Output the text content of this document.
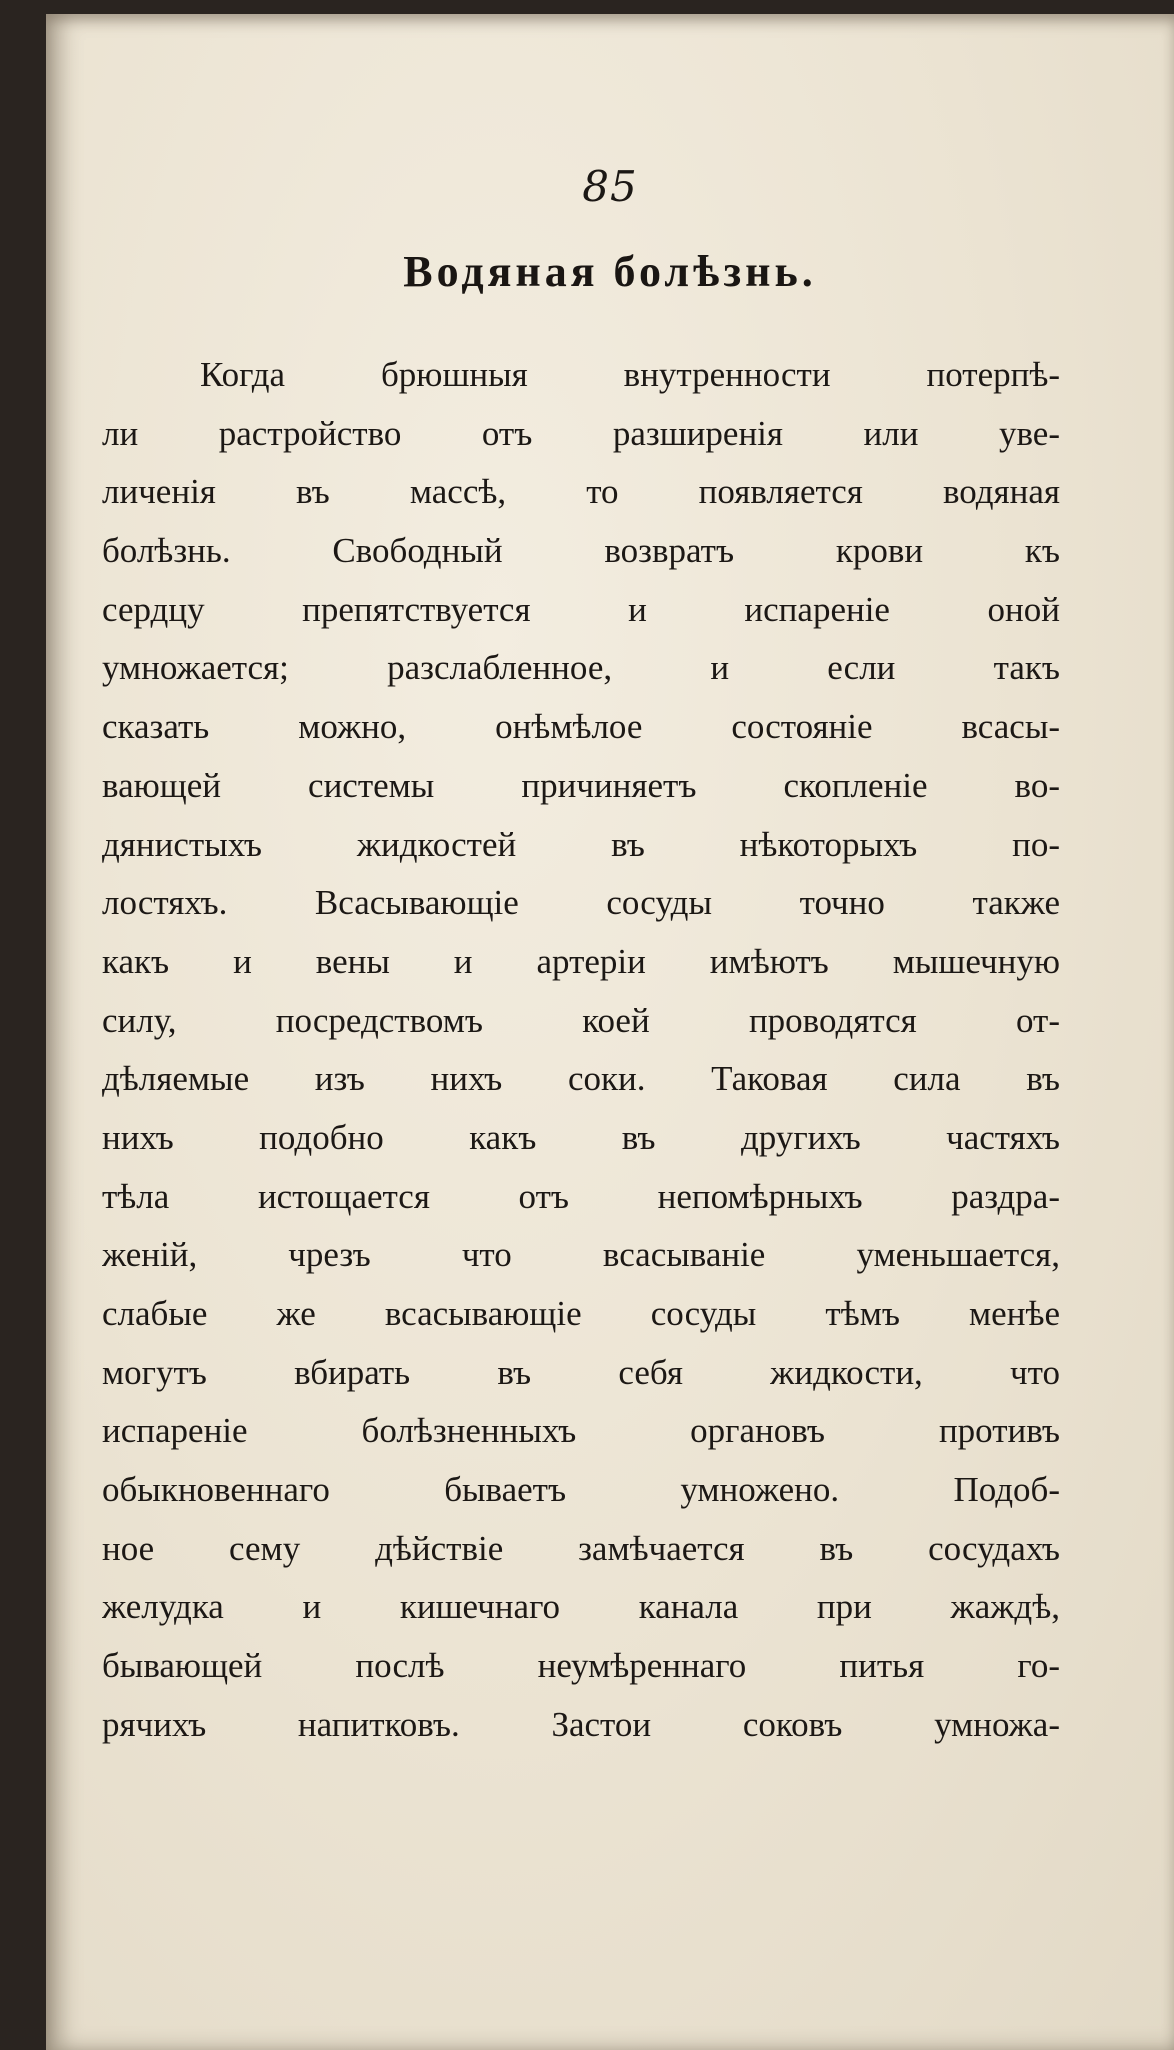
85
Водяная болѣзнь.
Когда брюшныя внутренности потерпѣ-
ли растройство отъ разширенія или уве-
личенія въ массѣ, то появляется водяная
болѣзнь. Свободный возвратъ крови къ
сердцу препятствуется и испареніе оной
умножается; разслабленное, и если такъ
сказать можно, онѣмѣлое состояніе всасы-
вающей системы причиняетъ скопленіе во-
дянистыхъ жидкостей въ нѣкоторыхъ по-
лостяхъ. Всасывающіе сосуды точно также
какъ и вены и артеріи имѣютъ мышечную
силу, посредствомъ коей проводятся от-
дѣляемые изъ нихъ соки. Таковая сила въ
нихъ подобно какъ въ другихъ частяхъ
тѣла истощается отъ непомѣрныхъ раздра-
женій, чрезъ что всасываніе уменьшается,
слабые же всасывающіе сосуды тѣмъ менѣе
могутъ вбирать въ себя жидкости, что
испареніе болѣзненныхъ органовъ противъ
обыкновеннаго бываетъ умножено. Подоб-
ное сему дѣйствіе замѣчается въ сосудахъ
желудка и кишечнаго канала при жаждѣ,
бывающей послѣ неумѣреннаго питья го-
рячихъ напитковъ. Застои соковъ умножа-
